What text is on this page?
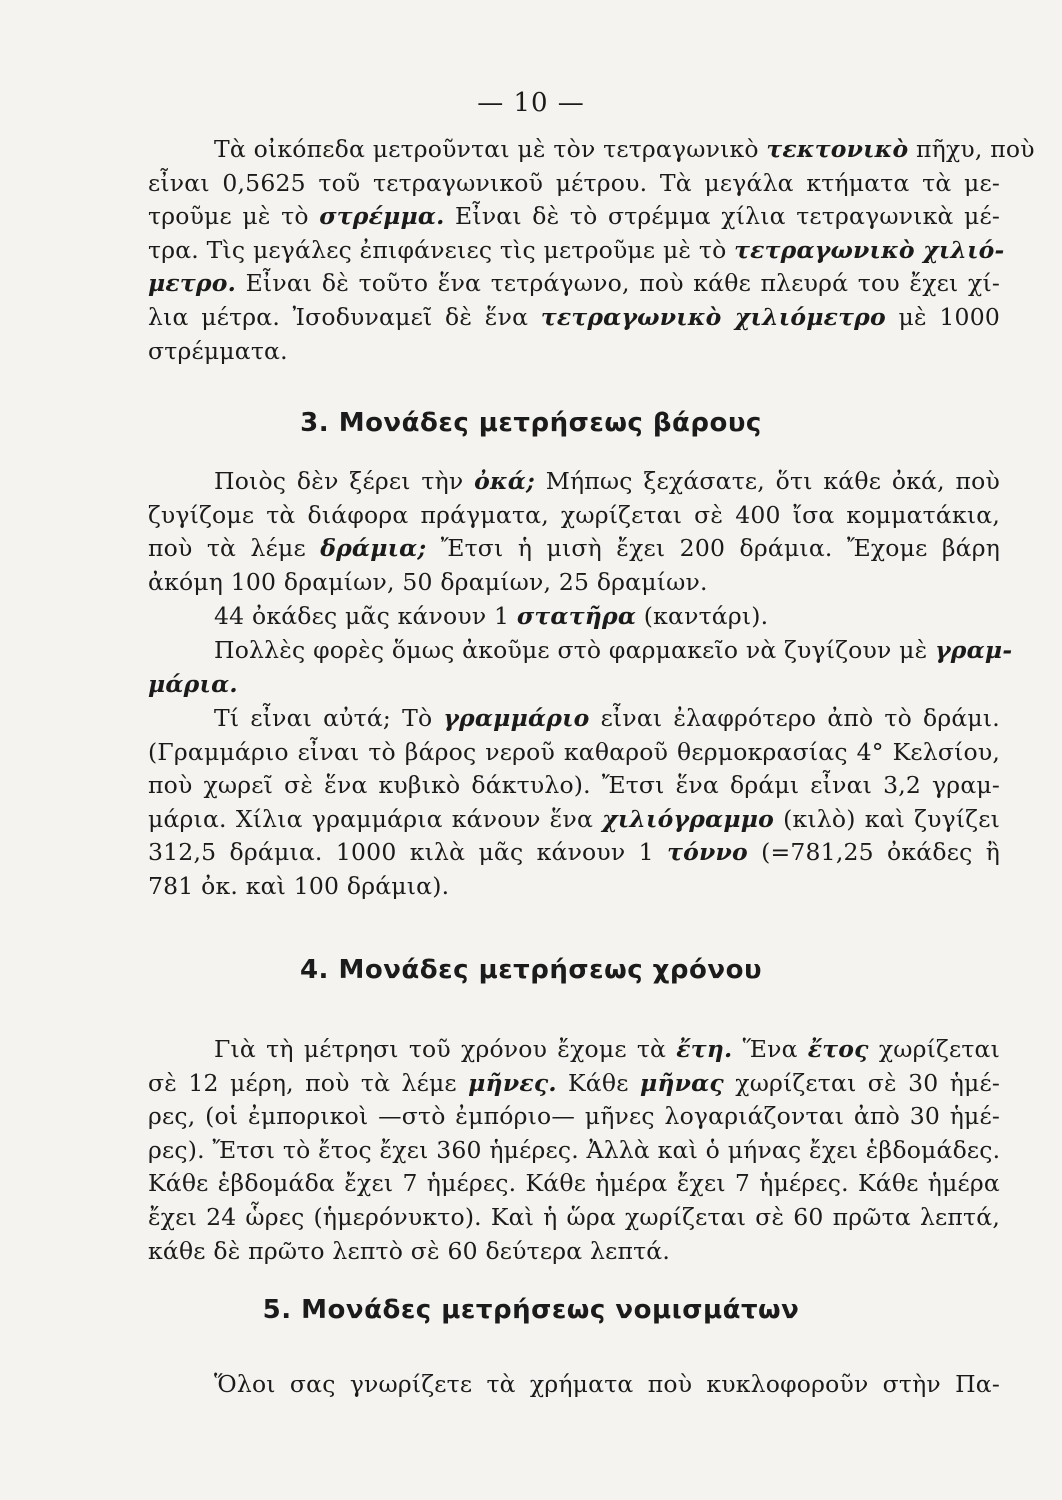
— 10 —
Τὰ οἰκόπεδα μετροῦνται μὲ τὸν τετραγωνικὸ τεκτονικὸ πῆχυ, ποὺ
εἶναι 0,5625 τοῦ τετραγωνικοῦ μέτρου. Τὰ μεγάλα κτήματα τὰ με-
τροῦμε μὲ τὸ στρέμμα. Εἶναι δὲ τὸ στρέμμα χίλια τετραγωνικὰ μέ-
τρα. Τὶς μεγάλες ἐπιφάνειες τὶς μετροῦμε μὲ τὸ τετραγωνικὸ χιλιό-
μετρο. Εἶναι δὲ τοῦτο ἕνα τετράγωνο, ποὺ κάθε πλευρά του ἔχει χί-
λια μέτρα. Ἰσοδυναμεῖ δὲ ἕνα τετραγωνικὸ χιλιόμετρο μὲ 1000
στρέμματα.
3. Μονάδες μετρήσεως βάρους
Ποιὸς δὲν ξέρει τὴν ὀκά; Μήπως ξεχάσατε, ὅτι κάθε ὀκά, ποὺ
ζυγίζομε τὰ διάφορα πράγματα, χωρίζεται σὲ 400 ἴσα κομματάκια,
ποὺ τὰ λέμε δράμια; Ἔτσι ἡ μισὴ ἔχει 200 δράμια. Ἔχομε βάρη
ἀκόμη 100 δραμίων, 50 δραμίων, 25 δραμίων.
44 ὀκάδες μᾶς κάνουν 1 στατῆρα (καντάρι).
Πολλὲς φορὲς ὅμως ἀκοῦμε στὸ φαρμακεῖο νὰ ζυγίζουν μὲ γραμ-
μάρια.
Τί εἶναι αὐτά; Τὸ γραμμάριο εἶναι ἐλαφρότερο ἀπὸ τὸ δράμι.
(Γραμμάριο εἶναι τὸ βάρος νεροῦ καθαροῦ θερμοκρασίας 4° Κελσίου,
ποὺ χωρεῖ σὲ ἕνα κυβικὸ δάκτυλο). Ἔτσι ἕνα δράμι εἶναι 3,2 γραμ-
μάρια. Χίλια γραμμάρια κάνουν ἕνα χιλιόγραμμο (κιλὸ) καὶ ζυγίζει
312,5 δράμια. 1000 κιλὰ μᾶς κάνουν 1 τόννο (=781,25 ὀκάδες ἢ
781 ὀκ. καὶ 100 δράμια).
4. Μονάδες μετρήσεως χρόνου
Γιὰ τὴ μέτρησι τοῦ χρόνου ἔχομε τὰ ἔτη. Ἕνα ἔτος χωρίζεται
σὲ 12 μέρη, ποὺ τὰ λέμε μῆνες. Κάθε μῆνας χωρίζεται σὲ 30 ἡμέ-
ρες, (οἱ ἐμπορικοὶ —στὸ ἐμπόριο— μῆνες λογαριάζονται ἀπὸ 30 ἡμέ-
ρες). Ἔτσι τὸ ἔτος ἔχει 360 ἡμέρες. Ἀλλὰ καὶ ὁ μήνας ἔχει ἑβδομάδες.
Κάθε ἑβδομάδα ἔχει 7 ἡμέρες. Κάθε ἡμέρα ἔχει 7 ἡμέρες. Κάθε ἡμέρα
ἔχει 24 ὧρες (ἡμερόνυκτο). Καὶ ἡ ὥρα χωρίζεται σὲ 60 πρῶτα λεπτά,
κάθε δὲ πρῶτο λεπτὸ σὲ 60 δεύτερα λεπτά.
5. Μονάδες μετρήσεως νομισμάτων
Ὅλοι σας γνωρίζετε τὰ χρήματα ποὺ κυκλοφοροῦν στὴν Πα-
